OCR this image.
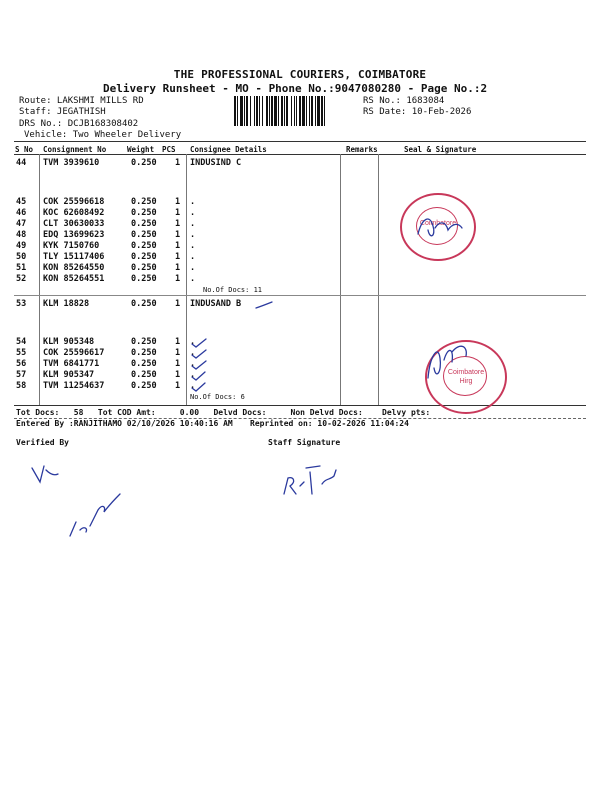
THE PROFESSIONAL COURIERS, COIMBATORE
Delivery Runsheet - MO - Phone No.:9047080280 - Page No.:2
Route: LAKSHMI MILLS RD
Staff: JEGATHISH
DRS No.: DCJB168308402
Vehicle: Two Wheeler Delivery
RS No.: 1683084
RS Date: 10-Feb-2026
S No Consignment No	Weight PCS Consignee Details	Remarks	Seal & Signature
44 TVM 3939610	0.250 1 INDUSIND C
45 COK 25596618	0.250 1 .
46 KOC 62608492	0.250 1 .
47 CLT 30630033	0.250 1 .
48 EDQ 13699623	0.250 1 .
49 KYK 7150760	0.250 1 .
50 TLY 15117406	0.250 1 .
51 KON 85264550	0.250 1 .
52 KON 85264551	0.250 1 .
No.Of Docs: 11
53 KLM 18828	0.250 1 INDUSAND B
54 KLM 905348	0.250 1 .
55 COK 25596617	0.250 1 .
56 TVM 6841771	0.250 1 .
57 KLM 905347	0.250 1 .
58 TVM 11254637	0.250 1 .
No.Of Docs: 6
Tot Docs:   58   Tot COD Amt:     0.00   Delvd Docs:     Non Delvd Docs:    Delvy pts:
Entered By :RANJITHAMO 02/10/2026 10:40:16 AM Reprinted on: 10-02-2026 11:04:24
Verified By	Staff Signature
Coimbatore
Coimbatore Hirg
